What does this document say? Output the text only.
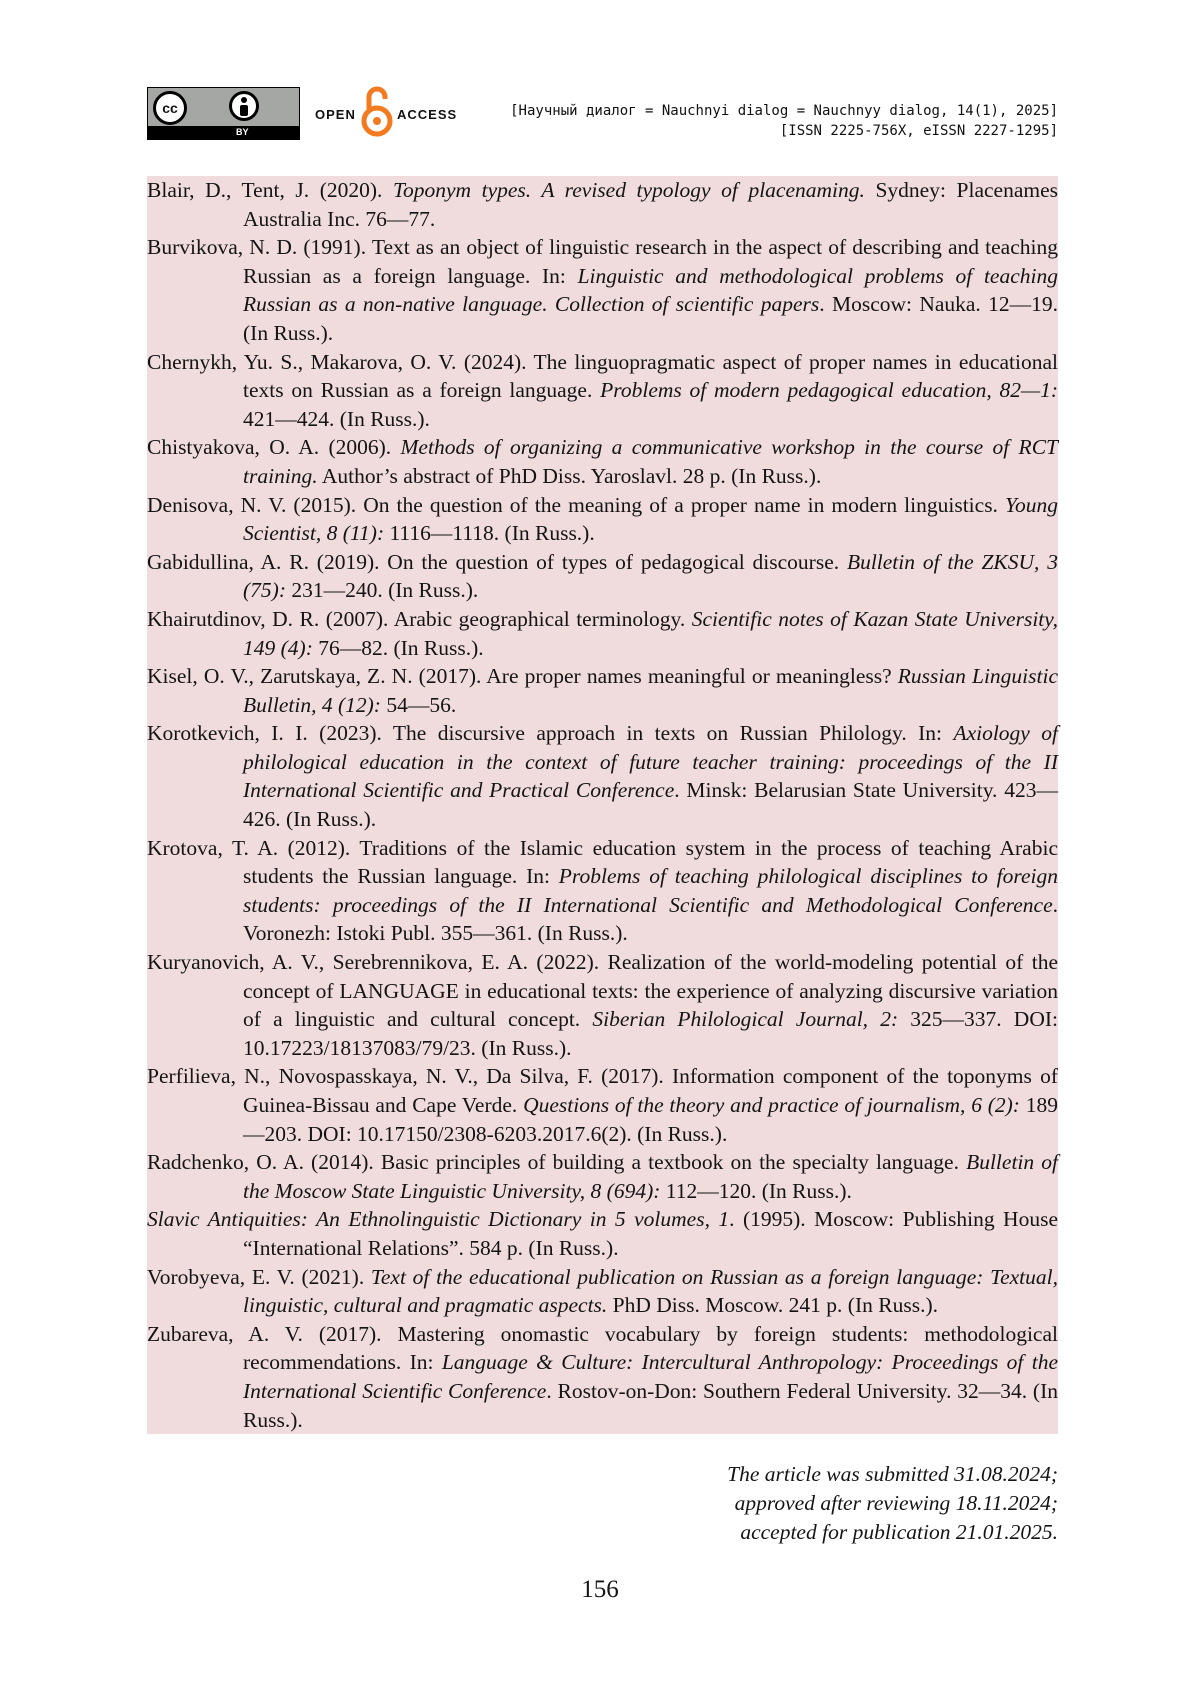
cc
BY
OPEN	ACCESS	[Научный диалог = Nauchnyi dialog = Nauchnyy dialog, 14(1), 2025]
[ISSN 2225-756X, eISSN 2227-1295]

Blair, D., Tent, J. (2020). Toponym types. A revised typology of placenaming. Sydney: Placenames Australia Inc. 76—77.

Burvikova, N. D. (1991). Text as an object of linguistic research in the aspect of describing and teaching Russian as a foreign language. In: Linguistic and methodological problems of teaching Russian as a non-native language. Collection of scientific papers. Moscow: Nauka. 12—19. (In Russ.).

Chernykh, Yu. S., Makarova, O. V. (2024). The linguopragmatic aspect of proper names in educational texts on Russian as a foreign language. Problems of modern pedagogical education, 82—1: 421—424. (In Russ.).

Chistyakova, O. A. (2006). Methods of organizing a communicative workshop in the course of RCT training. Author’s abstract of PhD Diss. Yaroslavl. 28 p. (In Russ.).

Denisova, N. V. (2015). On the question of the meaning of a proper name in modern linguistics. Young Scientist, 8 (11): 1116—1118. (In Russ.).

Gabidullina, A. R. (2019). On the question of types of pedagogical discourse. Bulletin of the ZKSU, 3 (75): 231—240. (In Russ.).

Khairutdinov, D. R. (2007). Arabic geographical terminology. Scientific notes of Kazan State University, 149 (4): 76—82. (In Russ.).

Kisel, O. V., Zarutskaya, Z. N. (2017). Are proper names meaningful or meaningless? Russian Linguistic Bulletin, 4 (12): 54—56.

Korotkevich, I. I. (2023). The discursive approach in texts on Russian Philology. In: Axiology of philological education in the context of future teacher training: proceedings of the II International Scientific and Practical Conference. Minsk: Belarusian State University. 423—426. (In Russ.).

Krotova, T. A. (2012). Traditions of the Islamic education system in the process of teaching Arabic students the Russian language. In: Problems of teaching philological disciplines to foreign students: proceedings of the II International Scientific and Methodological Conference. Voronezh: Istoki Publ. 355—361. (In Russ.).

Kuryanovich, A. V., Serebrennikova, E. A. (2022). Realization of the world-modeling potential of the concept of LANGUAGE in educational texts: the experience of analyzing discursive variation of a linguistic and cultural concept. Siberian Philological Journal, 2: 325—337. DOI: 10.17223/18137083/79/23. (In Russ.).

Perfilieva, N., Novospasskaya, N. V., Da Silva, F. (2017). Information component of the toponyms of Guinea-Bissau and Cape Verde. Questions of the theory and practice of journalism, 6 (2): 189—203. DOI: 10.17150/2308-6203.2017.6(2). (In Russ.).

Radchenko, O. A. (2014). Basic principles of building a textbook on the specialty language. Bulletin of the Moscow State Linguistic University, 8 (694): 112—120. (In Russ.).

Slavic Antiquities: An Ethnolinguistic Dictionary in 5 volumes, 1. (1995). Moscow: Publishing House “International Relations”. 584 p. (In Russ.).

Vorobyeva, E. V. (2021). Text of the educational publication on Russian as a foreign language: Textual, linguistic, cultural and pragmatic aspects. PhD Diss. Moscow. 241 p. (In Russ.).

Zubareva, A. V. (2017). Mastering onomastic vocabulary by foreign students: methodological recommendations. In: Language & Culture: Intercultural Anthropology: Proceedings of the International Scientific Conference. Rostov-on-Don: Southern Federal University. 32—34. (In Russ.).

The article was submitted 31.08.2024;
approved after reviewing 18.11.2024;
accepted for publication 21.01.2025.
156
